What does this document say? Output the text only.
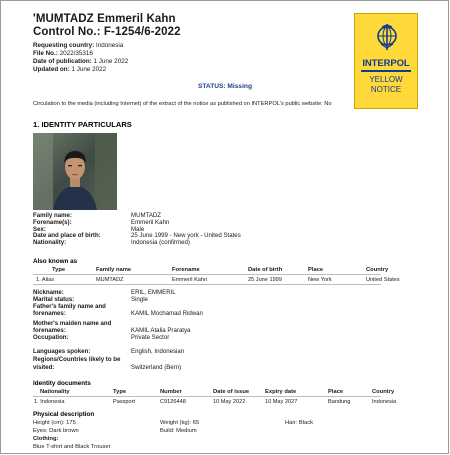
'MUMTADZ Emmeril Kahn
Control No.: F-1254/6-2022
Requesting country: Indonesia
File No.: 2022/35316
Date of publication: 1 June 2022
Updated on: 1 June 2022
INTERPOL
YELLOW
NOTICE
STATUS: Missing
Circulation to the media (including Internet) of the extract of the notice as published on INTERPOL's public website: No
1. IDENTITY PARTICULARS
Family name:	MUMTADZ
Forename(s):	Emmeril Kahn
Sex:	Male
Date and place of birth:	25 June 1999 - New york - United States
Nationality:	Indonesia (confirmed)
Also known as
Type	Family name	Forename	Date of birth	Place	Country
1. Alias	MUMTADZ	Emmeril Kahn	25 June 1999	New York	United States
Nickname:	ERIL, EMMERIL
Marital status:	Single
Father's family name and
forenames:	KAMIL Mochamad Ridwan
Mother's maiden name and
forenames:	KAMIL Atalia Praratya
Occupation:	Private Sector
Languages spoken:	English, Indonesian
Regions/Countries likely to be
visited:	Switzerland (Bern)
Identity documents
Nationality	Type	Number	Date of issue	Expiry date	Place	Country
1. Indonesia	Passport	C9126448	10 May 2022	10 May 2027	Bandung	Indonesia
Physical description
Height (cm): 175	Weight (kg): 65	Hair: Black
Eyes: Dark brown	Build: Medium
Clothing:
Blue T-shirt and Black Trouser
